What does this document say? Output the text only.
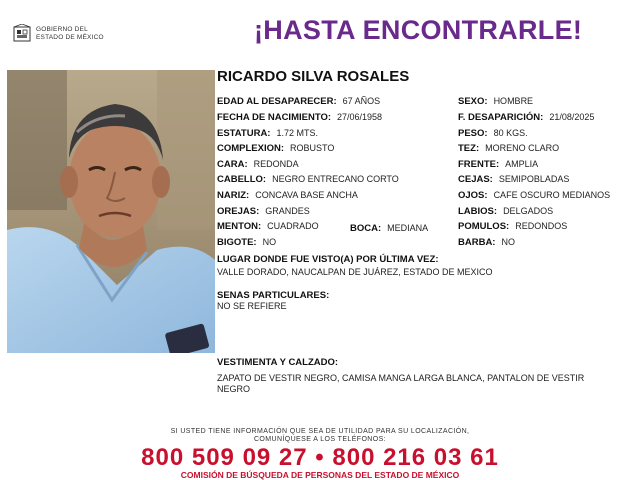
GOBIERNO DEL
ESTADO DE MÉXICO	¡HASTA ENCONTRARLE!
RICARDO SILVA ROSALES
EDAD AL DESAPARECER: 67 AÑOS
FECHA DE NACIMIENTO: 27/06/1958
ESTATURA: 1.72 MTS.
COMPLEXION: ROBUSTO
CARA: REDONDA
CABELLO: NEGRO ENTRECANO CORTO
NARIZ: CONCAVA BASE ANCHA
OREJAS: GRANDES
MENTON: CUADRADO
BIGOTE: NO
BOCA: MEDIANA
SEXO: HOMBRE
F. DESAPARICIÓN: 21/08/2025
PESO: 80 KGS.
TEZ: MORENO CLARO
FRENTE: AMPLIA
CEJAS: SEMIPOBLADAS
OJOS: CAFE OSCURO MEDIANOS
LABIOS: DELGADOS
POMULOS: REDONDOS
BARBA: NO
LUGAR DONDE FUE VISTO(A) POR ÚLTIMA VEZ:
VALLE DORADO, NAUCALPAN DE JUÁREZ, ESTADO DE MEXICO
SENAS PARTICULARES:
NO SE REFIERE
VESTIMENTA Y CALZADO:
ZAPATO DE VESTIR NEGRO, CAMISA MANGA LARGA BLANCA, PANTALON DE VESTIR NEGRO
SI USTED TIENE INFORMACIÓN QUE SEA DE UTILIDAD PARA SU LOCALIZACIÓN,
COMUNÍQUESE A LOS TELÉFONOS:
800 509 09 27 • 800 216 03 61
COMISIÓN DE BÚSQUEDA DE PERSONAS DEL ESTADO DE MÉXICO
